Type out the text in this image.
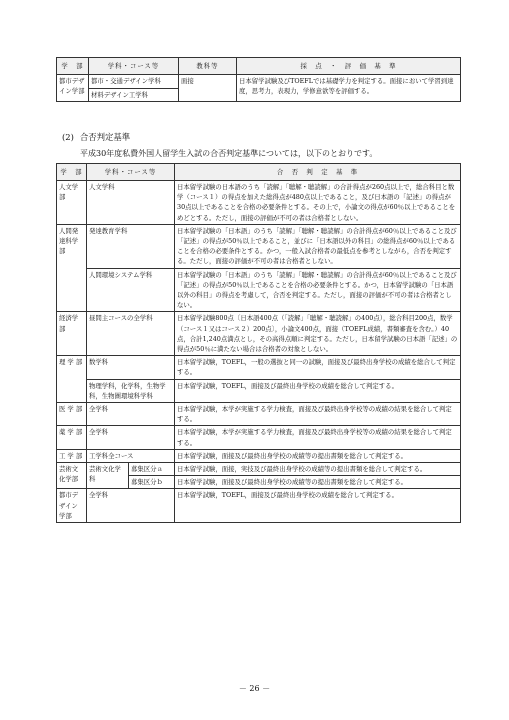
学　部	学科・コース等	教科等	採　点　・　評　価　基　準
都市デザイン学部	都市・交通デザイン学科	面接	日本留学試験及びTOEFLでは基礎学力を判定する。面接において学習到達度，思考力，表現力，学修意欲等を評価する。
	材料デザイン工学科		
(2) 合否判定基準
平成30年度私費外国人留学生入試の合否判定基準については，以下のとおりです。
学　部	学科・コース等		合　否　判　定　基　準
人文学部	人文学科		日本留学試験の日本語のうち「読解」「聴解・聴読解」の合計得点が260点以上で，総合科目と数学（コース１）の得点を加えた総得点が480点以上であること，及び日本語の「記述」の得点が30点以上であることを合格の必要条件とする。その上で，小論文の得点が60％以上であることをめどとする。ただし，面接の評価が不可の者は合格者としない。
人間発達科学部	発達教育学科		日本留学試験の「日本語」のうち「読解」「聴解・聴読解」の合計得点が60％以上であること及び「記述」の得点が50％以上であること，並びに「日本語以外の科目」の総得点が60％以上であることを合格の必要条件とする。かつ，一般入試合格者の最低点を参考としながら，合否を判定する。ただし，面接の評価が不可の者は合格者としない。
	人間環境システム学科		日本留学試験の「日本語」のうち「読解」「聴解・聴読解」の合計得点が60％以上であること及び「記述」の得点が50％以上であることを合格の必要条件とする。かつ，日本留学試験の「日本語以外の科目」の得点を考慮して，合否を判定する。ただし，面接の評価が不可の者は合格者としない。
経済学部	昼間主コースの全学科		日本留学試験800点〔日本語400点（「読解」「聴解・聴読解」の400点），総合科目200点，数学（コース１又はコース２）200点〕，小論文400点，面接（TOEFL成績，書類審査を含む。）40点，合計1,240点満点とし，その高得点順に判定する。ただし，日本留学試験の日本語「記述」の得点が50％に満たない場合は合格者の対象としない。
理 学 部	数学科		日本留学試験，TOEFL，一般の選抜と同一の試験，面接及び最終出身学校の成績を総合して判定する。
	物理学科，化学科，生物学科，生物圏環境科学科		日本留学試験，TOEFL，面接及び最終出身学校の成績を総合して判定する。
医 学 部	全学科		日本留学試験，本学が実施する学力検査，面接及び最終出身学校等の成績の結果を総合して判定する。
薬 学 部	全学科		日本留学試験，本学が実施する学力検査，面接及び最終出身学校等の成績の結果を総合して判定する。
工 学 部	工学科全コース		日本留学試験，面接及び最終出身学校の成績等の提出書類を総合して判定する。
芸術文化学部	芸術文化学科	募集区分ａ	日本留学試験，面接，実技及び最終出身学校の成績等の提出書類を総合して判定する。
		募集区分ｂ	日本留学試験，面接及び最終出身学校の成績等の提出書類を総合して判定する。
都市デザイン学部	全学科		日本留学試験，TOEFL，面接及び最終出身学校の成績を総合して判定する。
－ 26 －
